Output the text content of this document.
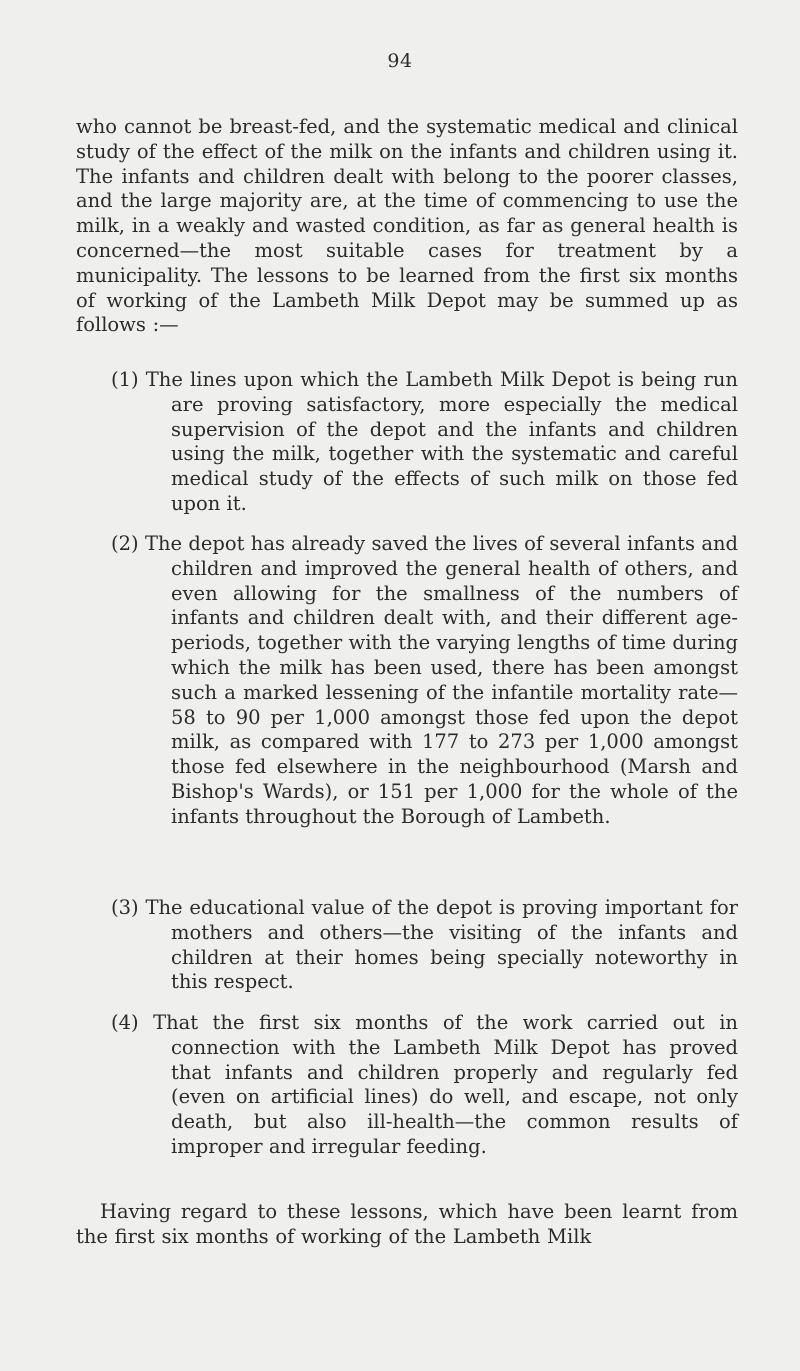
94

who cannot be breast-fed, and the systematic medical and clinical study of the effect of the milk on the infants and children using it. The infants and children dealt with belong to the poorer classes, and the large majority are, at the time of commencing to use the milk, in a weakly and wasted condition, as far as general health is concerned—the most suitable cases for treatment by a municipality. The lessons to be learned from the first six months of working of the Lambeth Milk Depot may be summed up as follows :—

(1) The lines upon which the Lambeth Milk Depot is being run are proving satisfactory, more especially the medical supervision of the depot and the infants and children using the milk, together with the systematic and careful medical study of the effects of such milk on those fed upon it.
(2) The depot has already saved the lives of several infants and children and improved the general health of others, and even allowing for the smallness of the numbers of infants and children dealt with, and their different age-periods, together with the varying lengths of time during which the milk has been used, there has been amongst such a marked lessening of the infantile mortality rate—58 to 90 per 1,000 amongst those fed upon the depot milk, as compared with 177 to 273 per 1,000 amongst those fed elsewhere in the neighbourhood (Marsh and Bishop's Wards), or 151 per 1,000 for the whole of the infants throughout the Borough of Lambeth.
(3) The educational value of the depot is proving important for mothers and others—the visiting of the infants and children at their homes being specially noteworthy in this respect.
(4) That the first six months of the work carried out in connection with the Lambeth Milk Depot has proved that infants and children properly and regularly fed (even on artificial lines) do well, and escape, not only death, but also ill-health—the common results of improper and irregular feeding.

Having regard to these lessons, which have been learnt from the first six months of working of the Lambeth Milk
